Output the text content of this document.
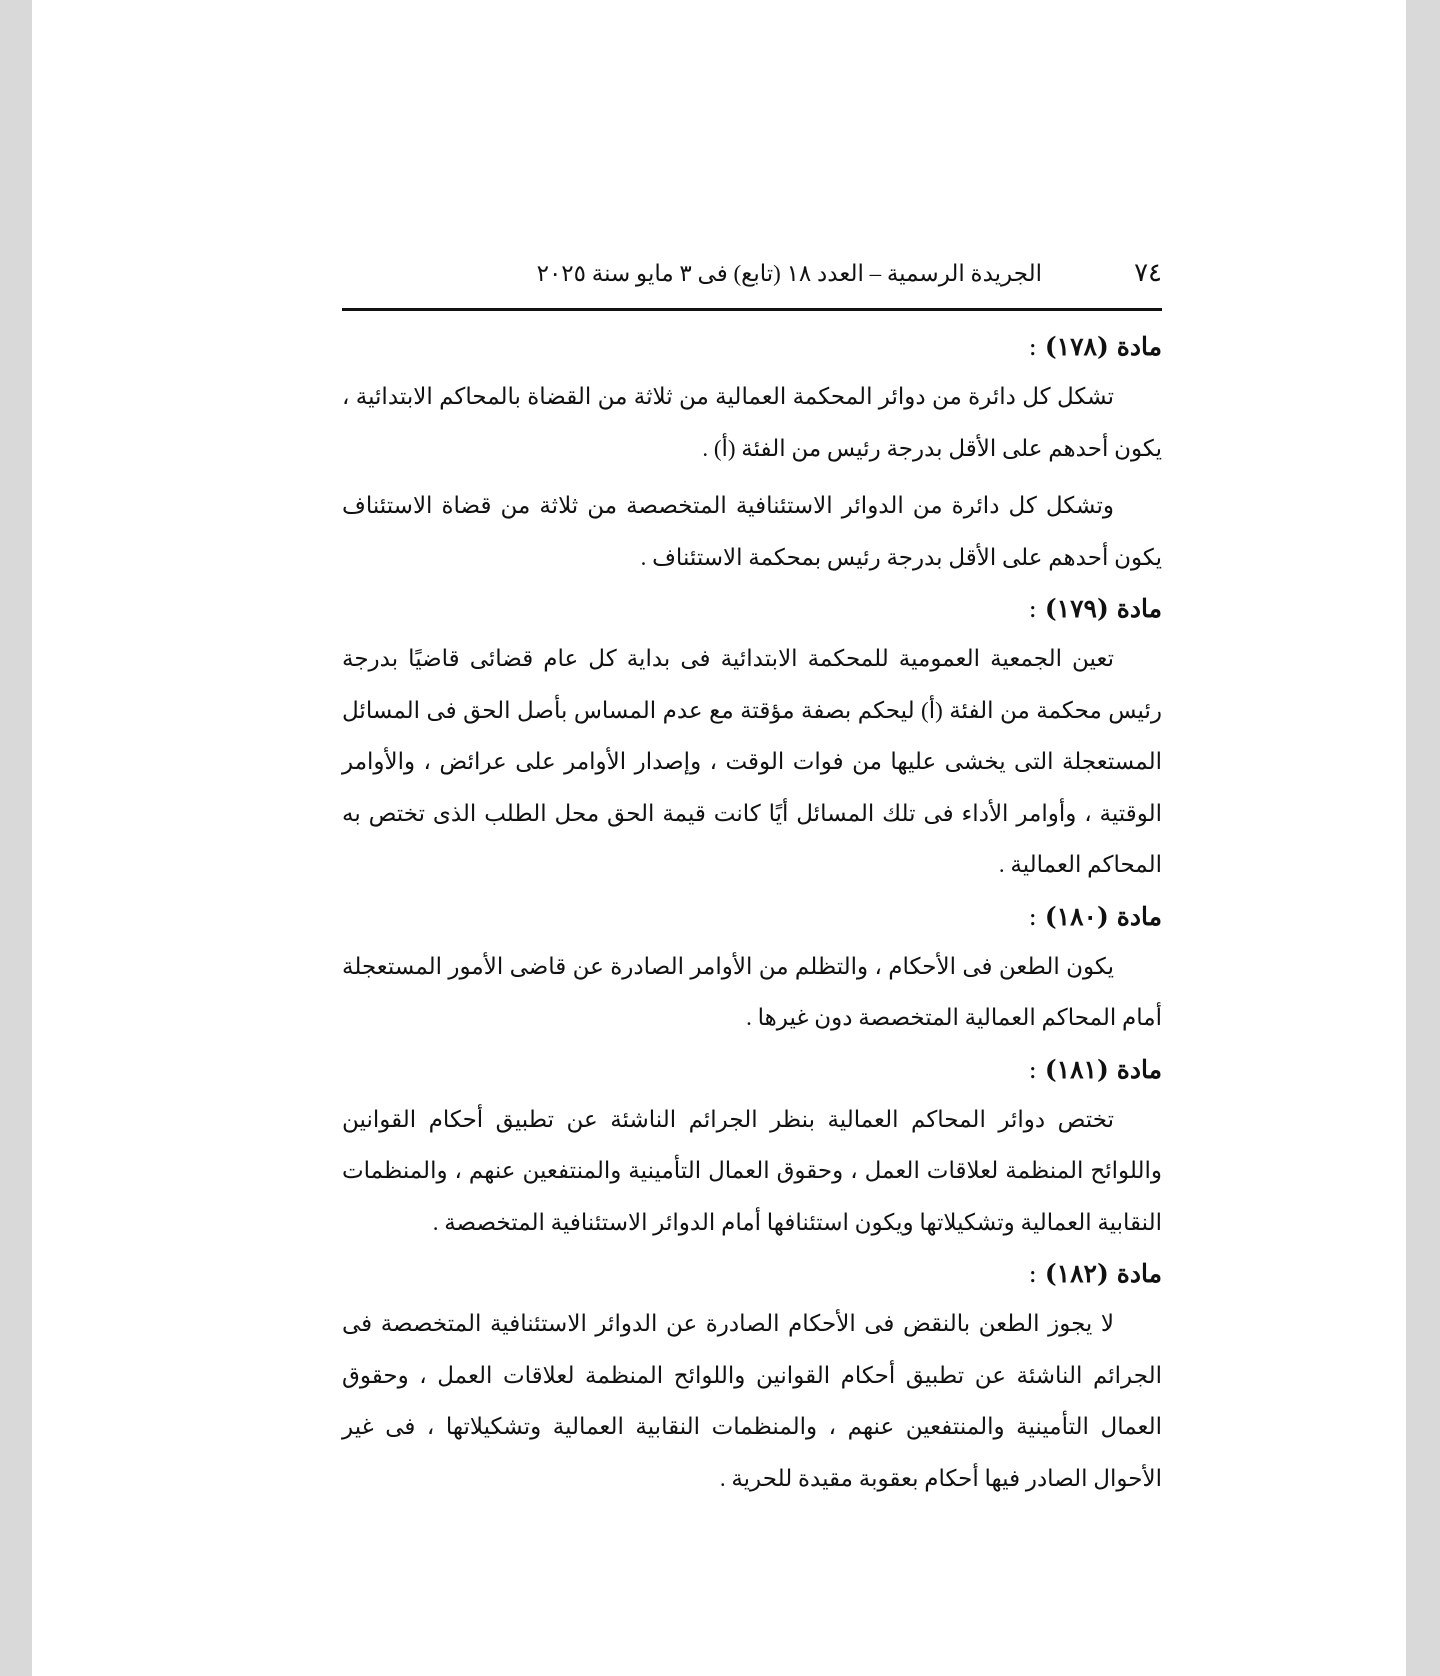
٧٤
الجريدة الرسمية – العدد ١٨ (تابع) فى ٣ مايو سنة ٢٠٢٥
مادة (١٧٨) :

تشكل كل دائرة من دوائر المحكمة العمالية من ثلاثة من القضاة بالمحاكم الابتدائية ، يكون أحدهم على الأقل بدرجة رئيس من الفئة (أ) .

وتشكل كل دائرة من الدوائر الاستئنافية المتخصصة من ثلاثة من قضاة الاستئناف يكون أحدهم على الأقل بدرجة رئيس بمحكمة الاستئناف .

مادة (١٧٩) :

تعين الجمعية العمومية للمحكمة الابتدائية فى بداية كل عام قضائى قاضيًا بدرجة رئيس محكمة من الفئة (أ) ليحكم بصفة مؤقتة مع عدم المساس بأصل الحق فى المسائل المستعجلة التى يخشى عليها من فوات الوقت ، وإصدار الأوامر على عرائض ، والأوامر الوقتية ، وأوامر الأداء فى تلك المسائل أيًا كانت قيمة الحق محل الطلب الذى تختص به المحاكم العمالية .

مادة (١٨٠) :

يكون الطعن فى الأحكام ، والتظلم من الأوامر الصادرة عن قاضى الأمور المستعجلة أمام المحاكم العمالية المتخصصة دون غيرها .

مادة (١٨١) :

تختص دوائر المحاكم العمالية بنظر الجرائم الناشئة عن تطبيق أحكام القوانين واللوائح المنظمة لعلاقات العمل ، وحقوق العمال التأمينية والمنتفعين عنهم ، والمنظمات النقابية العمالية وتشكيلاتها ويكون استئنافها أمام الدوائر الاستئنافية المتخصصة .

مادة (١٨٢) :

لا يجوز الطعن بالنقض فى الأحكام الصادرة عن الدوائر الاستئنافية المتخصصة فى الجرائم الناشئة عن تطبيق أحكام القوانين واللوائح المنظمة لعلاقات العمل ، وحقوق العمال التأمينية والمنتفعين عنهم ، والمنظمات النقابية العمالية وتشكيلاتها ، فى غير الأحوال الصادر فيها أحكام بعقوبة مقيدة للحرية .
